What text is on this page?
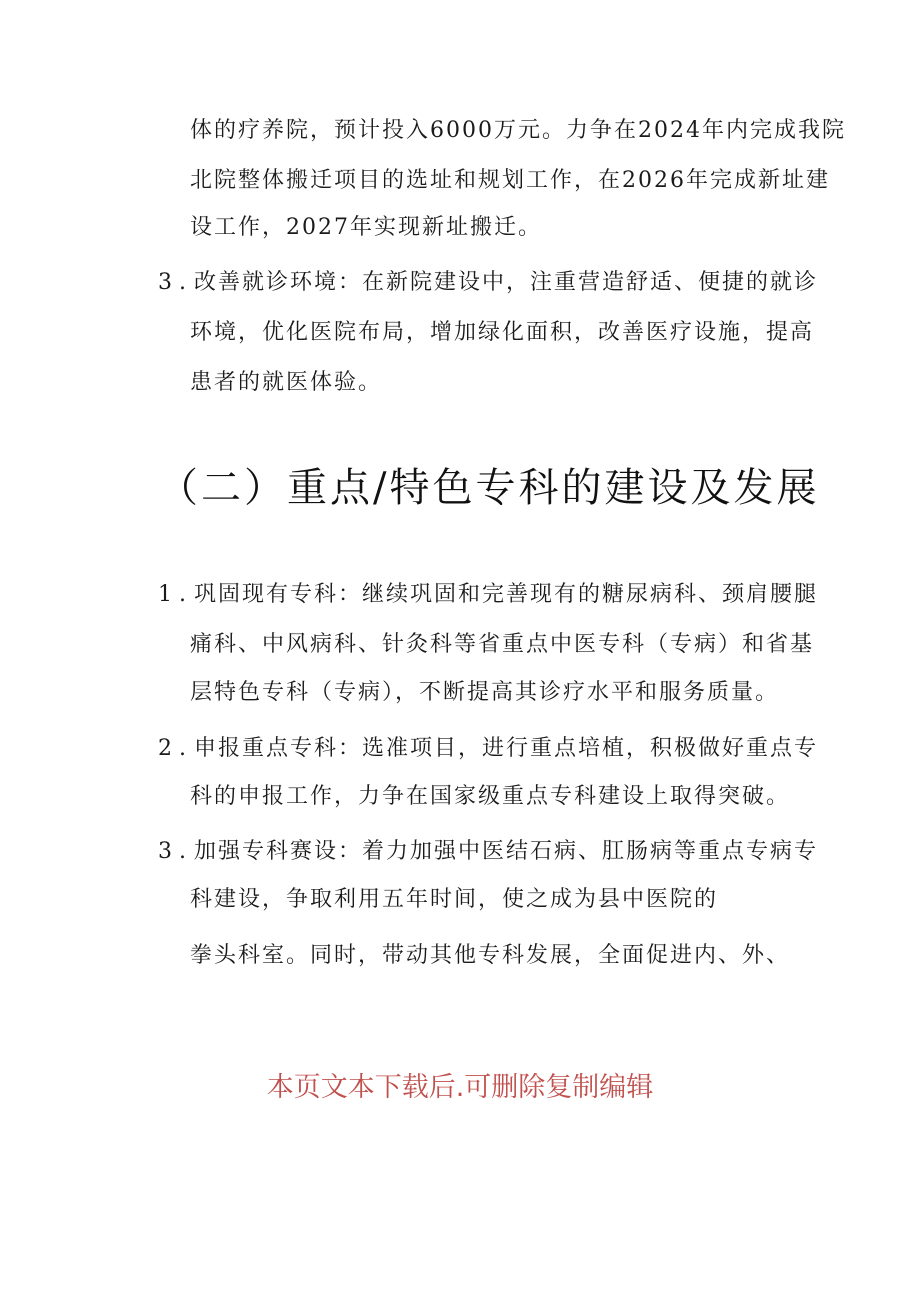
体的疗养院，预计投入6000万元。力争在2024年内完成我院
北院整体搬迁项目的选址和规划工作，在2026年完成新址建
设工作，2027年实现新址搬迁。
3 . 改善就诊环境：在新院建设中，注重营造舒适、便捷的就诊
环境，优化医院布局，增加绿化面积，改善医疗设施，提高
患者的就医体验。
（二）重点/特色专科的建设及发展
1 . 巩固现有专科：继续巩固和完善现有的糖尿病科、颈肩腰腿
痛科、中风病科、针灸科等省重点中医专科（专病）和省基
层特色专科（专病），不断提高其诊疗水平和服务质量。
2 . 申报重点专科：选准项目，进行重点培植，积极做好重点专
科的申报工作，力争在国家级重点专科建设上取得突破。
3 . 加强专科赛设：着力加强中医结石病、肛肠病等重点专病专
科建设，争取利用五年时间，使之成为县中医院的
拳头科室。同时，带动其他专科发展，全面促进内、外、
本页文本下载后.可删除复制编辑
